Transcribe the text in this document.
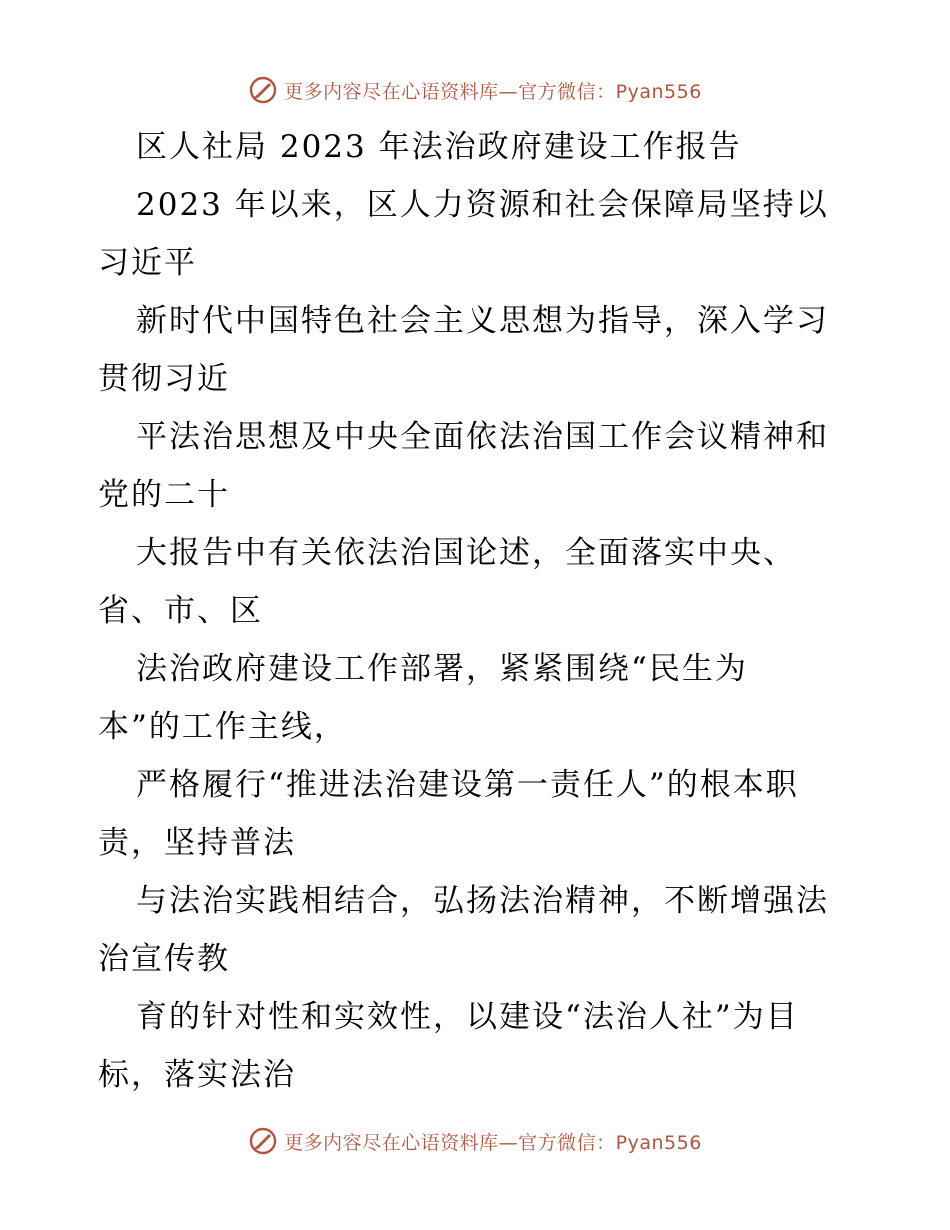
更多内容尽在心语资料库—官方微信：Pyan556
区人社局 2023 年法治政府建设工作报告
2023 年以来，区人力资源和社会保障局坚持以
习近平
新时代中国特色社会主义思想为指导，深入学习
贯彻习近
平法治思想及中央全面依法治国工作会议精神和
党的二十
大报告中有关依法治国论述，全面落实中央、
省、市、区
法治政府建设工作部署，紧紧围绕“民生为
本”的工作主线，
严格履行“推进法治建设第一责任人”的根本职
责，坚持普法
与法治实践相结合，弘扬法治精神，不断增强法
治宣传教
育的针对性和实效性，以建设“法治人社”为目
标，落实法治
更多内容尽在心语资料库—官方微信：Pyan556
